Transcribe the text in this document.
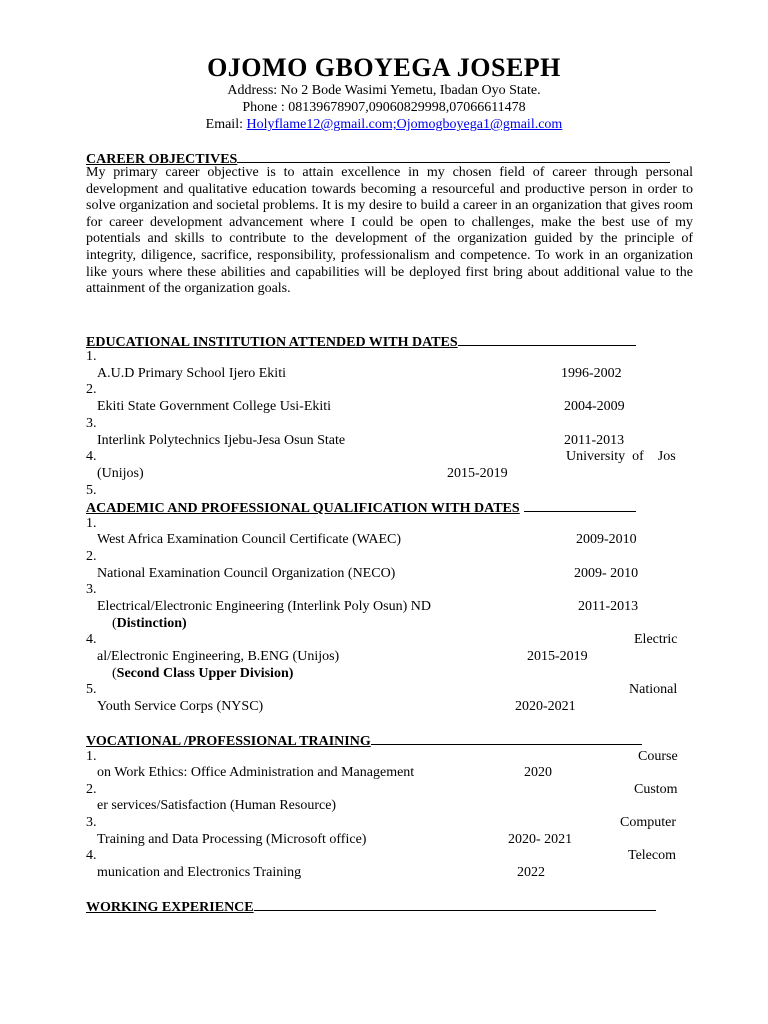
OJOMO GBOYEGA JOSEPH
Address: No 2 Bode Wasimi Yemetu, Ibadan Oyo State.
Phone : 08139678907,09060829998,07066611478
Email: Holyflame12@gmail.com;Ojomogboyega1@gmail.com
CAREER OBJECTIVES
My primary career objective is to attain excellence in my chosen field of career through personal development and qualitative education towards becoming a resourceful and productive person in order to solve organization and societal problems. It is my desire to build a career in an organization that gives room for career development advancement where I could be open to challenges, make the best use of my potentials and skills to contribute to the development of the organization guided by the principle of integrity, diligence, sacrifice, responsibility, professionalism and competence. To work in an organization like yours where these abilities and capabilities will be deployed first bring about additional value to the attainment of the organization goals.
EDUCATIONAL INSTITUTION ATTENDED WITH DATES
1.
A.U.D Primary School Ijero Ekiti	1996-2002
2.
Ekiti State Government College Usi-Ekiti	2004-2009
3.
Interlink Polytechnics Ijebu-Jesa Osun State	2011-2013
4.	University  of    Jos
(Unijos)	2015-2019
5.
ACADEMIC AND PROFESSIONAL QUALIFICATION WITH DATES
1.
West Africa Examination Council Certificate (WAEC)	2009-2010
2.
National Examination Council Organization (NECO)	2009- 2010
3.
Electrical/Electronic Engineering (Interlink Poly Osun) ND	2011-2013
(Distinction)
4.	Electric
al/Electronic Engineering, B.ENG (Unijos)	2015-2019
(Second Class Upper Division)
5.	National
Youth Service Corps (NYSC)	2020-2021
VOCATIONAL /PROFESSIONAL TRAINING
1.	Course
on Work Ethics: Office Administration and Management	2020
2.	Custom
er services/Satisfaction (Human Resource)
3.	Computer
Training and Data Processing (Microsoft office)	2020- 2021
4.	Telecom
munication and Electronics Training	2022
WORKING EXPERIENCE
